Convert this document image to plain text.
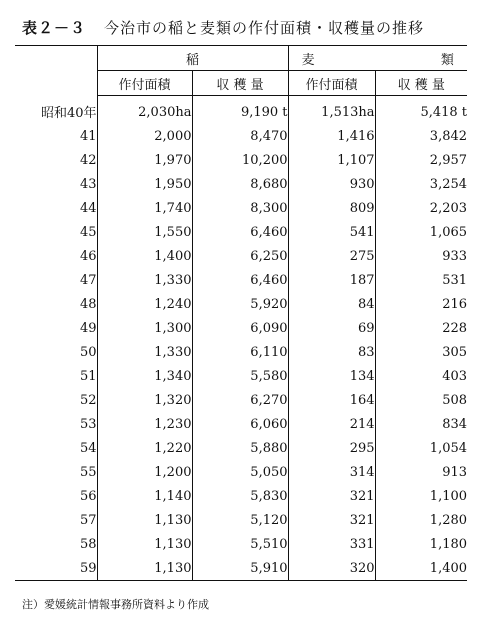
表２－３ 今治市の稲と麦類の作付面積・収穫量の推移
	稲		麦 類	
	作付面積	収 穫 量	作付面積	収 穫 量
昭和40年	2,030ha	9,190 t	1,513ha	5,418 t
41	2,000	8,470	1,416	3,842
42	1,970	10,200	1,107	2,957
43	1,950	8,680	930	3,254
44	1,740	8,300	809	2,203
45	1,550	6,460	541	1,065
46	1,400	6,250	275	933
47	1,330	6,460	187	531
48	1,240	5,920	84	216
49	1,300	6,090	69	228
50	1,330	6,110	83	305
51	1,340	5,580	134	403
52	1,320	6,270	164	508
53	1,230	6,060	214	834
54	1,220	5,880	295	1,054
55	1,200	5,050	314	913
56	1,140	5,830	321	1,100
57	1,130	5,120	321	1,280
58	1,130	5,510	331	1,180
59	1,130	5,910	320	1,400
注）愛媛統計情報事務所資料より作成
